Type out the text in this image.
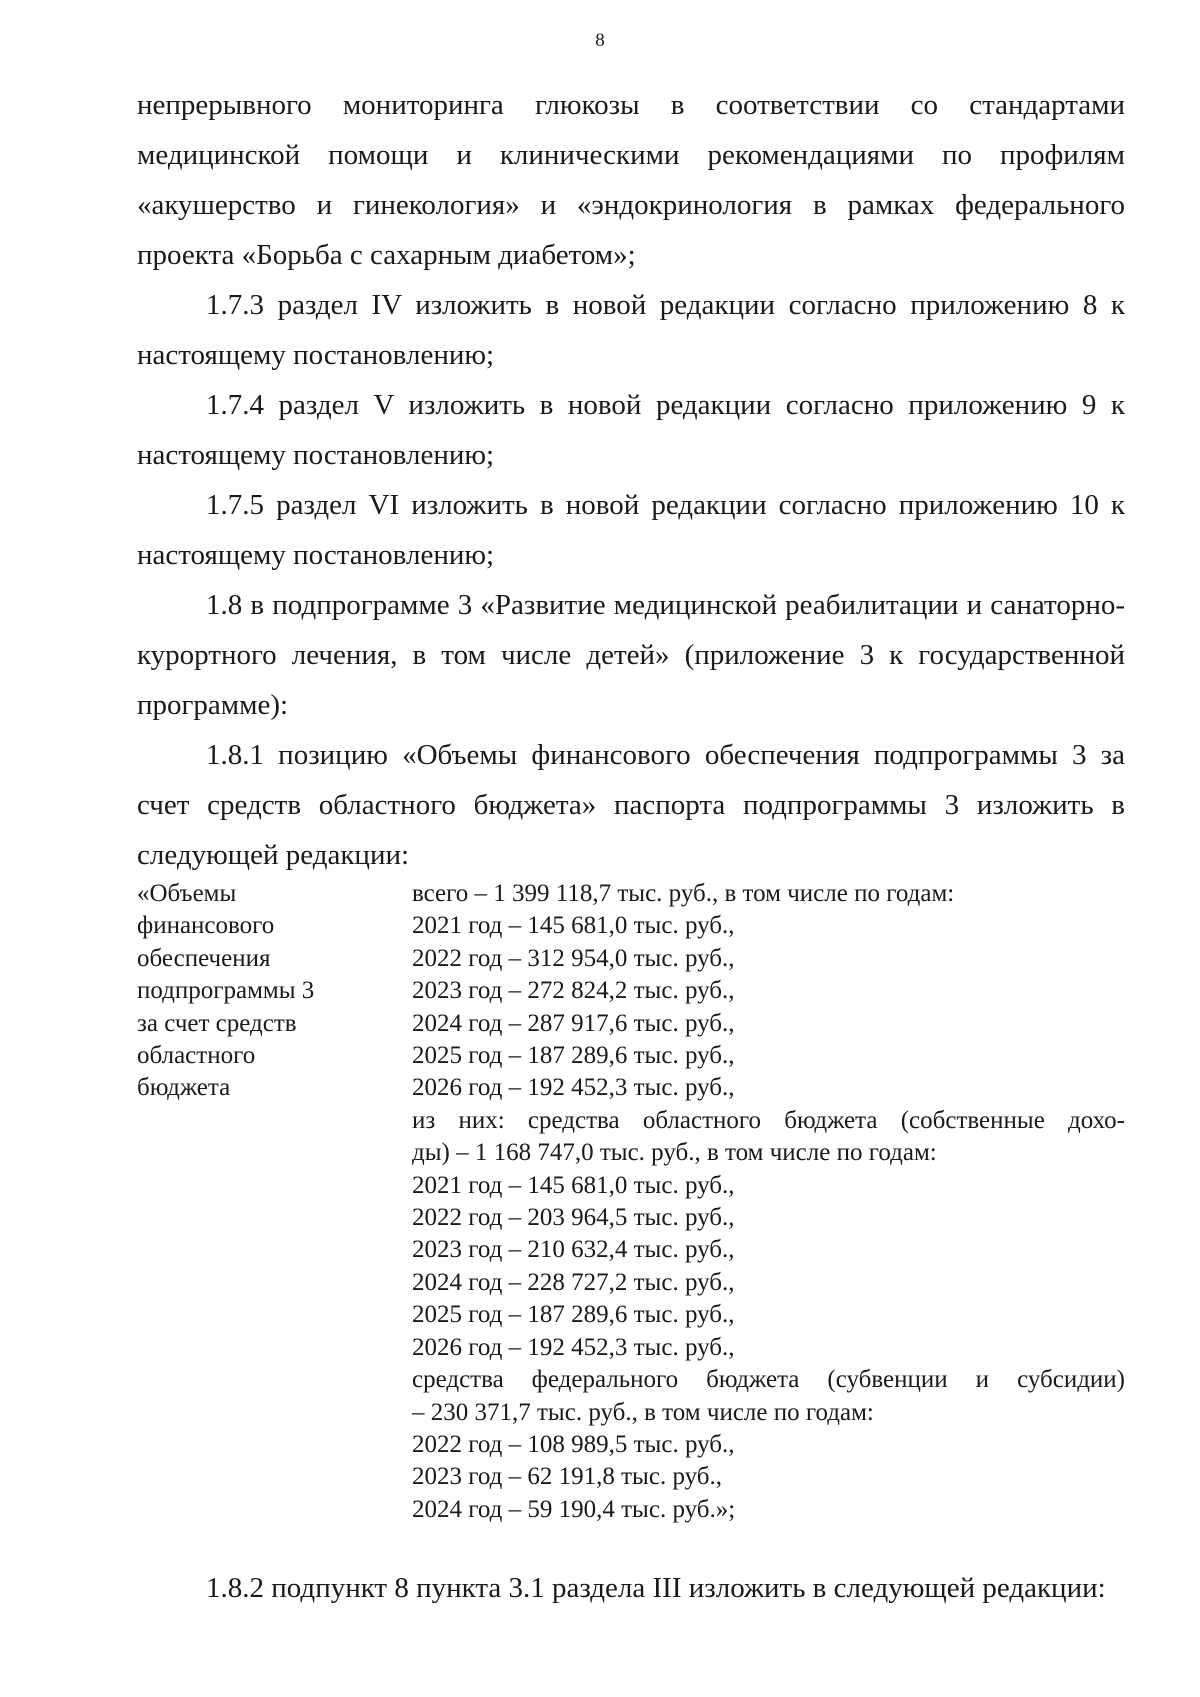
8

непрерывного мониторинга глюкозы в соответствии со стандартами медицинской помощи и клиническими рекомендациями по профилям «акушерство и гинекология» и «эндокринология в рамках федерального проекта «Борьба с сахарным диабетом»;

1.7.3 раздел IV изложить в новой редакции согласно приложению 8 к настоящему постановлению;

1.7.4 раздел V изложить в новой редакции согласно приложению 9 к настоящему постановлению;

1.7.5 раздел VI изложить в новой редакции согласно приложению 10 к настоящему постановлению;

1.8 в подпрограмме 3 «Развитие медицинской реабилитации и санаторно-курортного лечения, в том числе детей» (приложение 3 к государственной программе):

1.8.1 позицию «Объемы финансового обеспечения подпрограммы 3 за счет средств областного бюджета» паспорта подпрограммы 3 изложить в следующей редакции:

«Объемы
финансового
обеспечения
подпрограммы 3
за счет средств
областного
бюджета
всего – 1 399 118,7 тыс. руб., в том числе по годам:
2021 год – 145 681,0 тыс. руб.,
2022 год – 312 954,0 тыс. руб.,
2023 год – 272 824,2 тыс. руб.,
2024 год – 287 917,6 тыс. руб.,
2025 год – 187 289,6 тыс. руб.,
2026 год – 192 452,3 тыс. руб.,
из них: средства областного бюджета (собственные дохо-
ды) – 1 168 747,0 тыс. руб., в том числе по годам:
2021 год – 145 681,0 тыс. руб.,
2022 год – 203 964,5 тыс. руб.,
2023 год – 210 632,4 тыс. руб.,
2024 год – 228 727,2 тыс. руб.,
2025 год – 187 289,6 тыс. руб.,
2026 год – 192 452,3 тыс. руб.,
средства федерального бюджета (субвенции и субсидии)
– 230 371,7 тыс. руб., в том числе по годам:
2022 год – 108 989,5 тыс. руб.,
2023 год – 62 191,8 тыс. руб.,
2024 год – 59 190,4 тыс. руб.»;

1.8.2 подпункт 8 пункта 3.1 раздела III изложить в следующей редакции:
